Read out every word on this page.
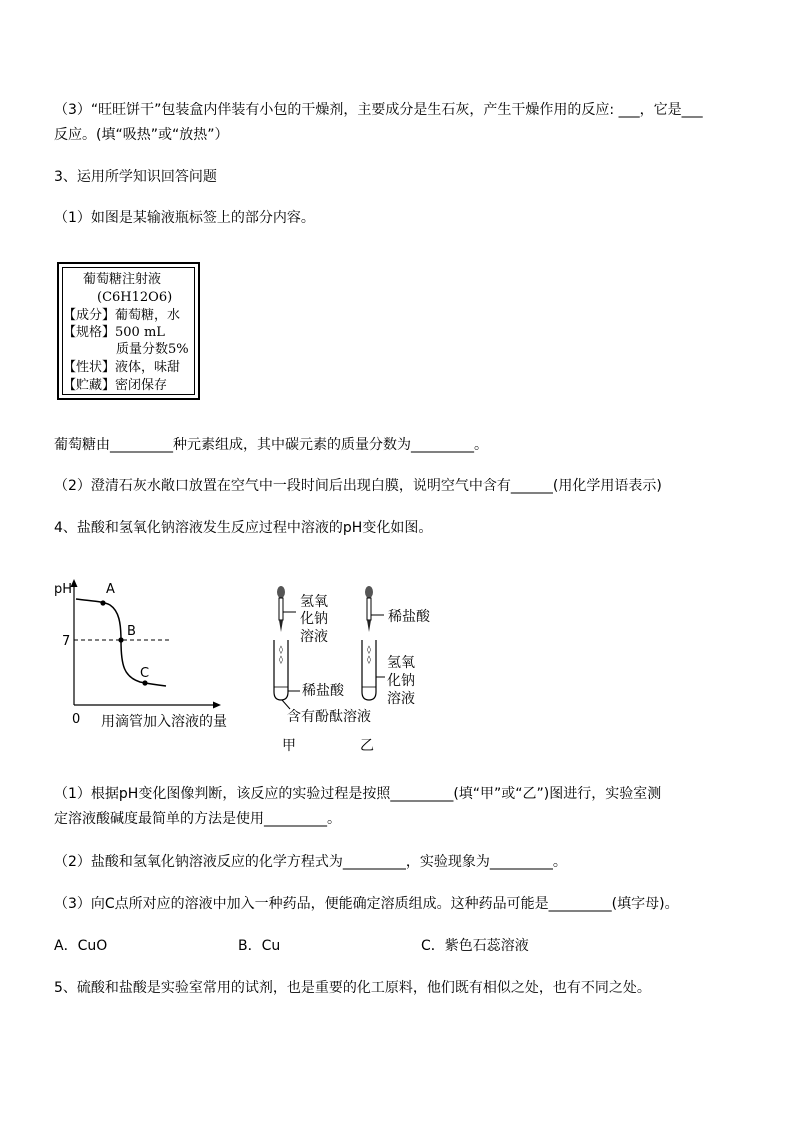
（3）“旺旺饼干”包装盒内伴装有小包的干燥剂，主要成分是生石灰，产生干燥作用的反应: ___，它是___
反应。(填“吸热”或“放热”）
3、运用所学知识回答问题
（1）如图是某输液瓶标签上的部分内容。
葡萄糖注射液
(C6H12O6)
【成分】葡萄糖，水
【规格】500 mL
质量分数5%
【性状】液体，味甜
【贮藏】密闭保存
葡萄糖由_________种元素组成，其中碳元素的质量分数为_________。
（2）澄清石灰水敞口放置在空气中一段时间后出现白膜，说明空气中含有______(用化学用语表示)
4、盐酸和氢氧化钠溶液发生反应过程中溶液的pH变化如图。
pH
7
0 用滴管加入溶液的量
A
B
C
氢氧
化钠
溶液
◊
◊
稀盐酸
含有酚酞溶液
甲
稀盐酸
◊
◊ 氢氧
化钠
溶液
乙
（1）根据pH变化图像判断，该反应的实验过程是按照_________(填“甲”或“乙”)图进行，实验室测
定溶液酸碱度最简单的方法是使用_________。
（2）盐酸和氢氧化钠溶液反应的化学方程式为_________，实验现象为_________。
（3）向C点所对应的溶液中加入一种药品，便能确定溶质组成。这种药品可能是_________(填字母)。
A．CuO	B．Cu	C．紫色石蕊溶液
5、硫酸和盐酸是实验室常用的试剂，也是重要的化工原料，他们既有相似之处，也有不同之处。
